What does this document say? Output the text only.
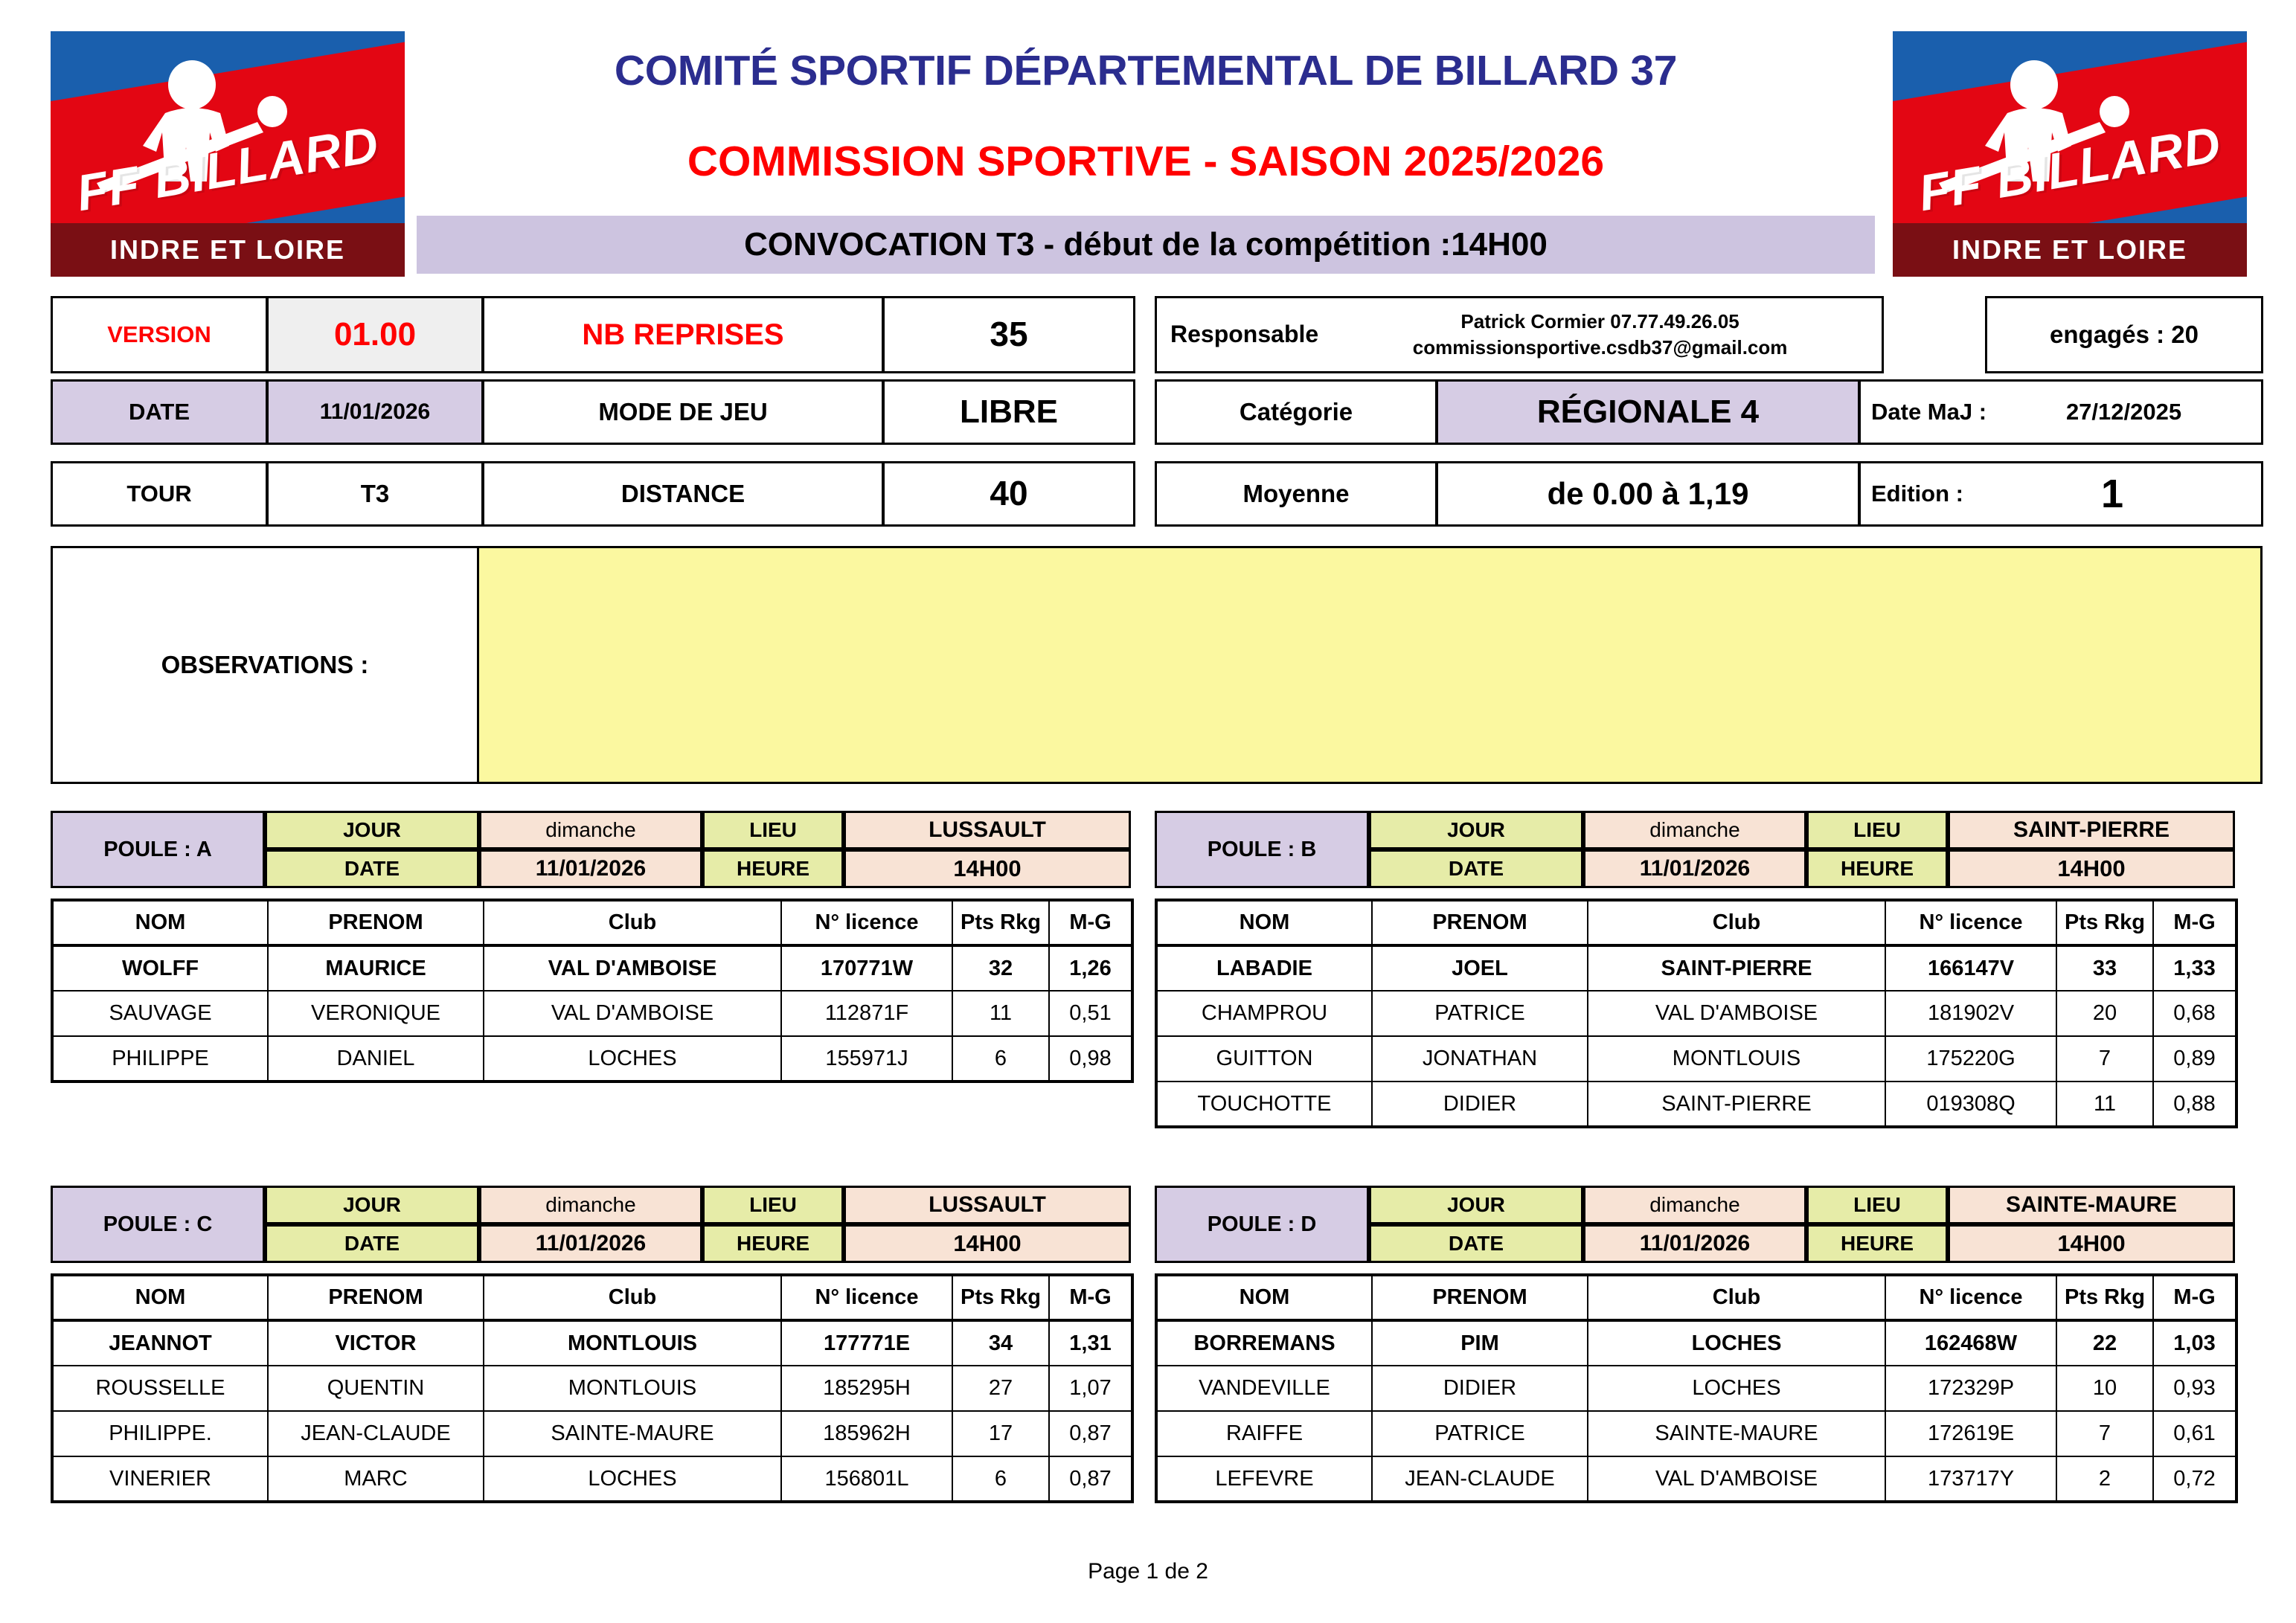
FF BILLARD
INDRE ET LOIRE
FF BILLARD
INDRE ET LOIRE
COMITÉ SPORTIF DÉPARTEMENTAL DE BILLARD 37
COMMISSION SPORTIVE - SAISON 2025/2026
CONVOCATION T3 - début de la compétition :14H00
VERSION	01.00	NB REPRISES	35	Responsable	Patrick Cormier 07.77.49.26.05
commissionsportive.csdb37@gmail.com	engagés : 20
DATE	11/01/2026	MODE DE JEU	LIBRE	Catégorie	RÉGIONALE 4	Date MaJ :	27/12/2025
TOUR	T3	DISTANCE	40	Moyenne	de 0.00 à 1,19	Edition :	1
OBSERVATIONS :
POULE : A
JOUR	dimanche	LIEU	LUSSAULT
DATE	11/01/2026	HEURE	14H00
NOM	PRENOM	Club	N° licence	Pts Rkg	M-G
WOLFF	MAURICE	VAL D'AMBOISE	170771W	32	1,26
SAUVAGE	VERONIQUE	VAL D'AMBOISE	112871F	11	0,51
PHILIPPE	DANIEL	LOCHES	155971J	6	0,98
POULE : B
JOUR	dimanche	LIEU	SAINT-PIERRE
DATE	11/01/2026	HEURE	14H00
NOM	PRENOM	Club	N° licence	Pts Rkg	M-G
LABADIE	JOEL	SAINT-PIERRE	166147V	33	1,33
CHAMPROU	PATRICE	VAL D'AMBOISE	181902V	20	0,68
GUITTON	JONATHAN	MONTLOUIS	175220G	7	0,89
TOUCHOTTE	DIDIER	SAINT-PIERRE	019308Q	11	0,88
POULE : C
JOUR	dimanche	LIEU	LUSSAULT
DATE	11/01/2026	HEURE	14H00
NOM	PRENOM	Club	N° licence	Pts Rkg	M-G
JEANNOT	VICTOR	MONTLOUIS	177771E	34	1,31
ROUSSELLE	QUENTIN	MONTLOUIS	185295H	27	1,07
PHILIPPE.	JEAN-CLAUDE	SAINTE-MAURE	185962H	17	0,87
VINERIER	MARC	LOCHES	156801L	6	0,87
POULE : D
JOUR	dimanche	LIEU	SAINTE-MAURE
DATE	11/01/2026	HEURE	14H00
NOM	PRENOM	Club	N° licence	Pts Rkg	M-G
BORREMANS	PIM	LOCHES	162468W	22	1,03
VANDEVILLE	DIDIER	LOCHES	172329P	10	0,93
RAIFFE	PATRICE	SAINTE-MAURE	172619E	7	0,61
LEFEVRE	JEAN-CLAUDE	VAL D'AMBOISE	173717Y	2	0,72
Page 1 de 2
